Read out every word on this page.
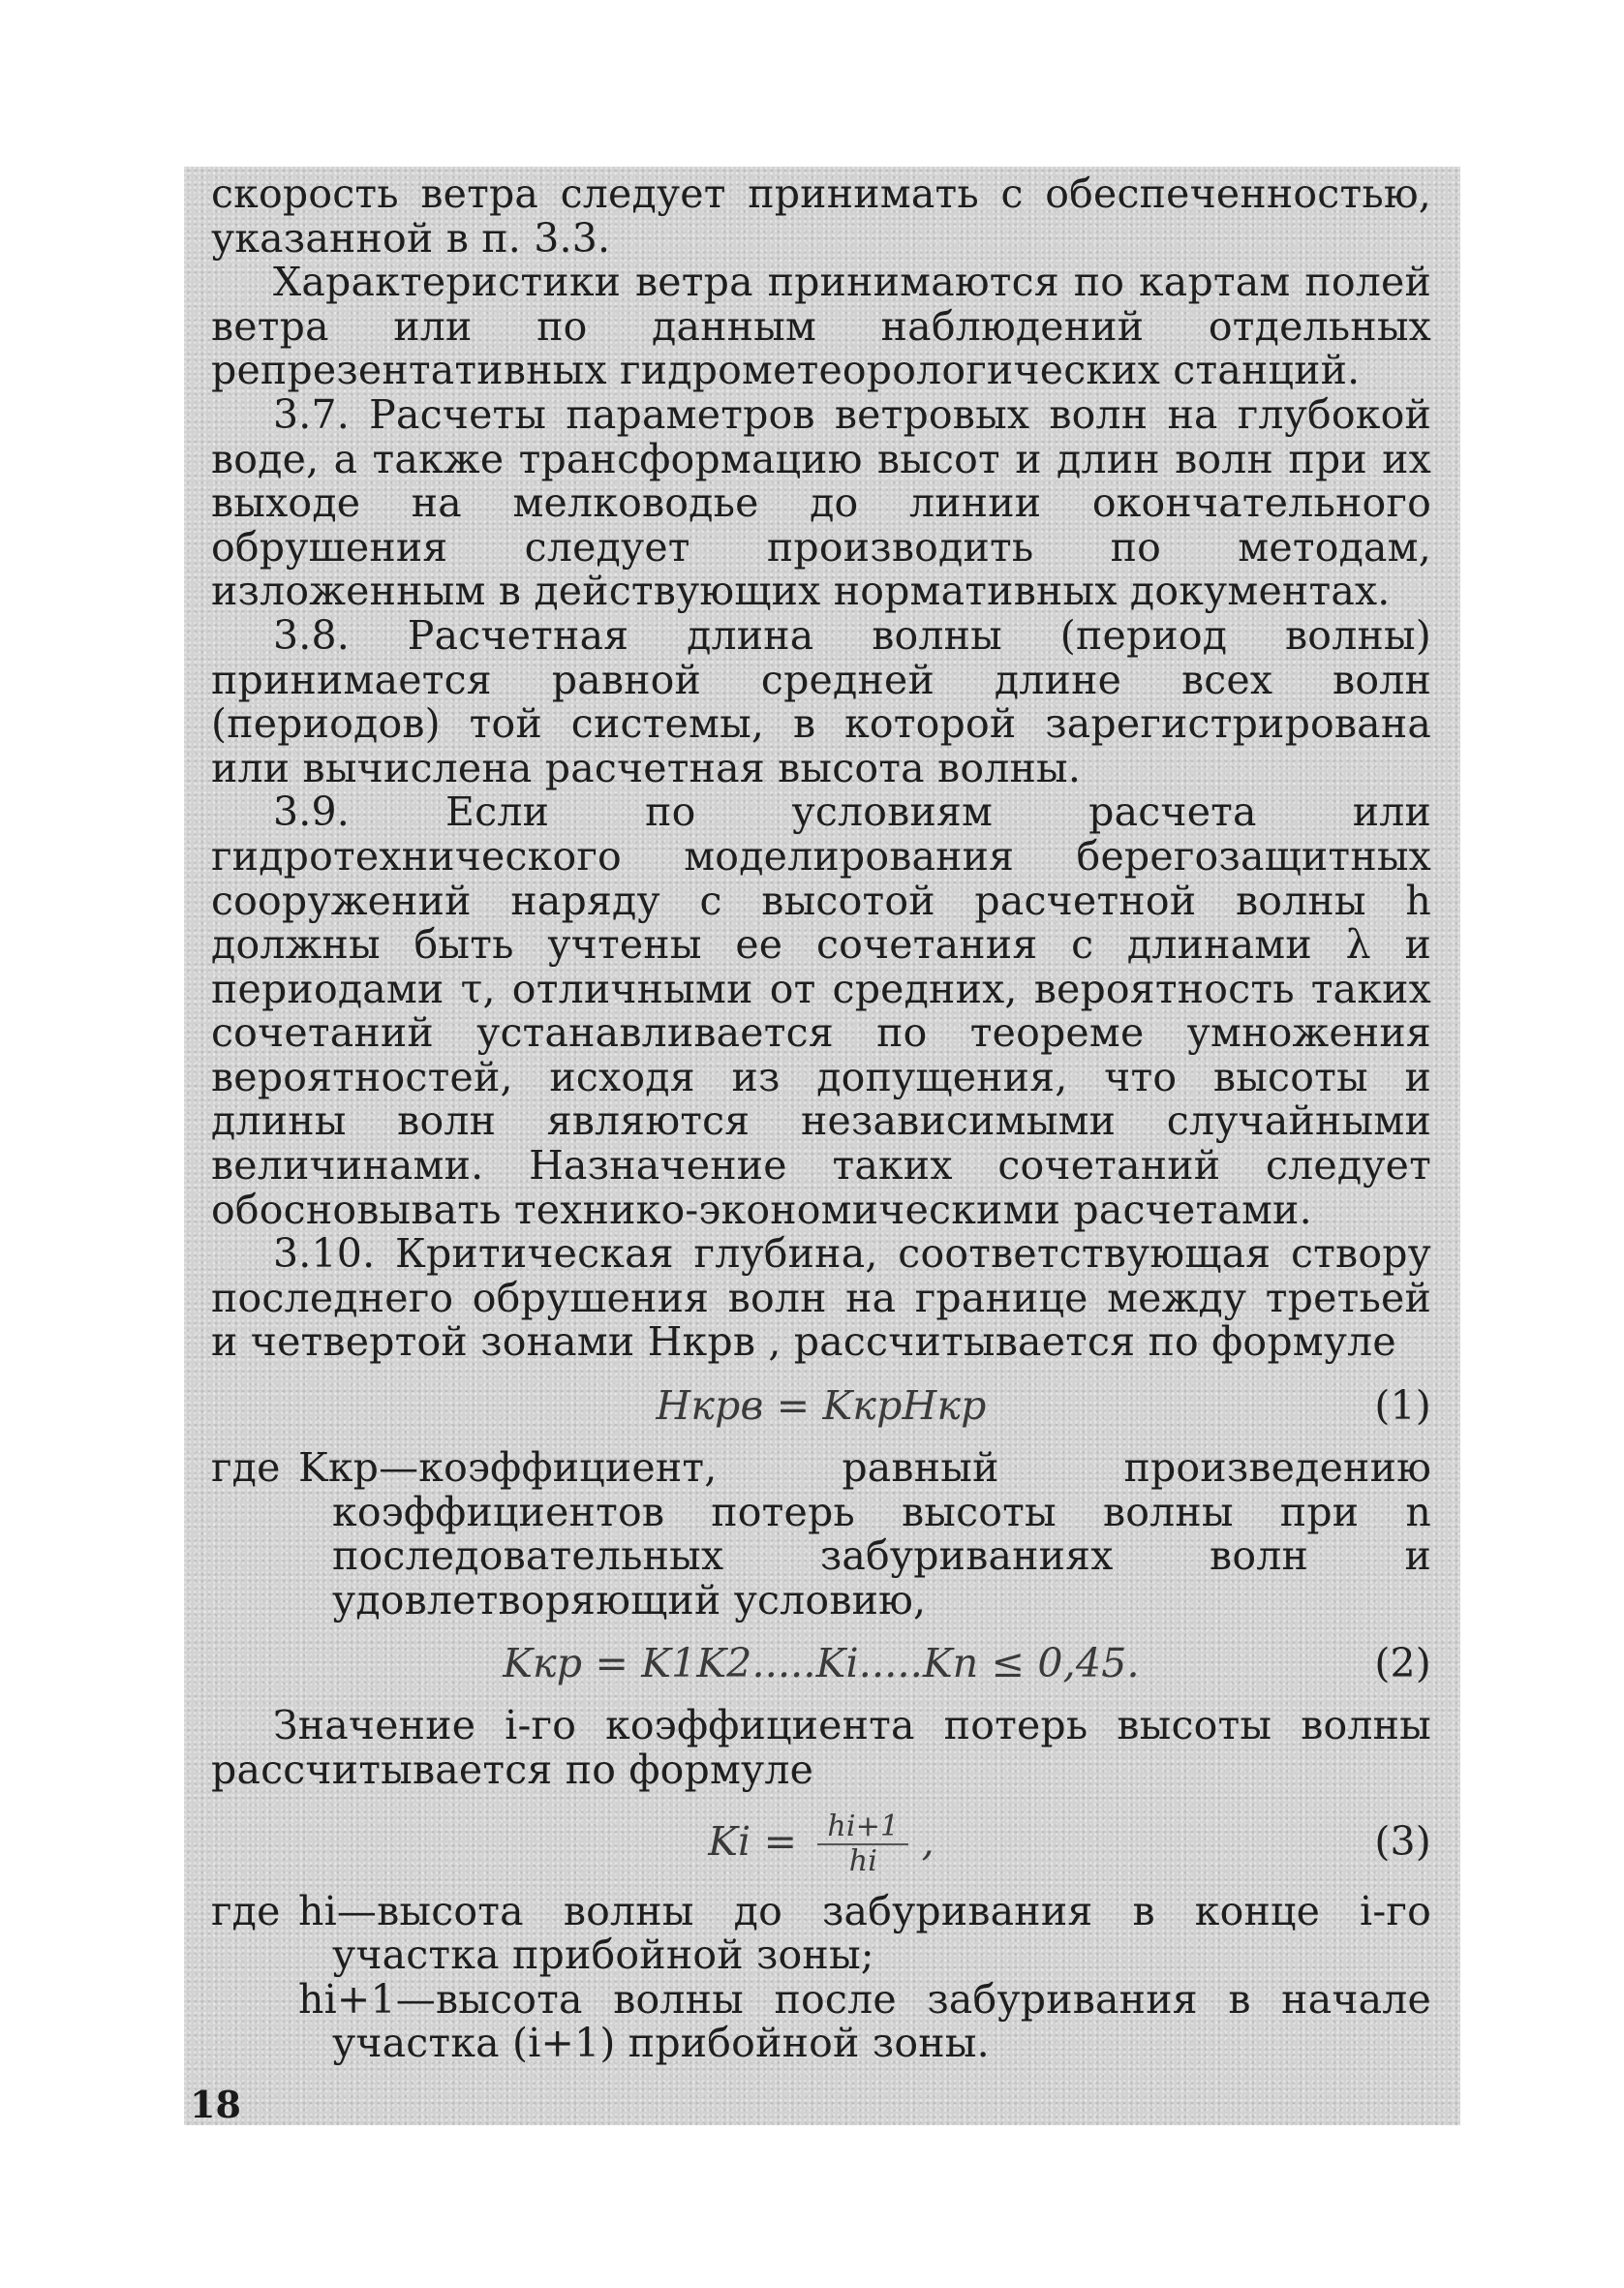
скорость ветра следует принимать с обеспеченностью, указанной в п. 3.3.

Характеристики ветра принимаются по картам полей ветра или по данным наблюдений отдельных репрезентативных гидрометеорологических станций.

3.7. Расчеты параметров ветровых волн на глубокой воде, а также трансформацию высот и длин волн при их выходе на мелководье до линии окончательного обрушения следует производить по методам, изложенным в действующих нормативных документах.

3.8. Расчетная длина волны (период волны) принимается равной средней длине всех волн (периодов) той системы, в которой зарегистрирована или вычислена расчетная высота волны.

3.9. Если по условиям расчета или гидротехнического моделирования берегозащитных сооружений наряду с высотой расчетной волны h должны быть учтены ее сочетания с длинами λ и периодами τ, отличными от средних, вероятность таких сочетаний устанавливается по теореме умножения вероятностей, исходя из допущения, что высоты и длины волн являются независимыми случайными величинами. Назначение таких сочетаний следует обосновывать технико-экономическими расчетами.

3.10. Критическая глубина, соответствующая створу последнего обрушения волн на границе между третьей и четвертой зонами Hкрв , рассчитывается по формуле

Hкрв = KкрHкр	(1)
где Kкр—коэффициент, равный произведению коэффициентов потерь высоты волны при n последовательных забуриваниях волн и удовлетворяющий условию,
Kкр = K1K2.....Ki.....Kn ≤ 0,45.	(2)

Значение i-го коэффициента потерь высоты волны рассчитывается по формуле

$Ki = \frac{hi+1}{hi}$ ,	(3)
где hi—высота волны до забуривания в конце i-го участка прибойной зоны;
hi+1—высота волны после забуривания в начале участка (i+1) прибойной зоны.
18
